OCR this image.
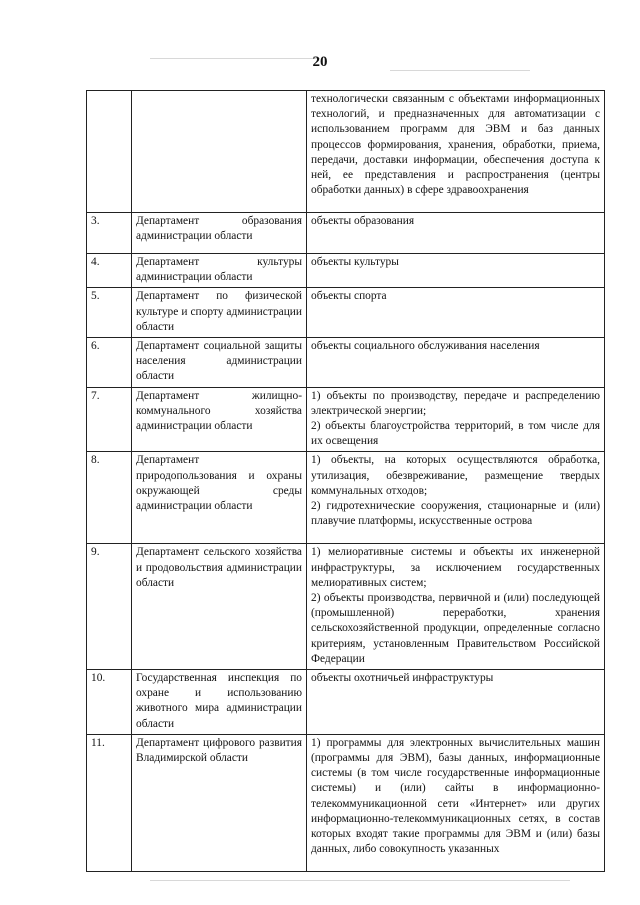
20

		технологически связанным с объектами информационных технологий, и предназначенных для автоматизации с использованием программ для ЭВМ и баз данных процессов формирования, хранения, обработки, приема, передачи, доставки информации, обеспечения доступа к ней, ее представления и распространения (центры обработки данных) в сфере здравоохранения

3.	Департамент образования администрации области	объекты образования

4.	Департамент культуры администрации области	объекты культуры

5.	Департамент по физической культуре и спорту администрации области	объекты спорта

6.	Департамент социальной защиты населения администрации области	объекты социального обслуживания населения

7.	Департамент жилищно-коммунального хозяйства администрации области	1) объекты по производству, передаче и распределению электрической энергии;
2) объекты благоустройства территорий, в том числе для их освещения

8.	Департамент природопользования и охраны окружающей среды администрации области	1) объекты, на которых осуществляются обработка, утилизация, обезвреживание, размещение твердых коммунальных отходов;
2) гидротехнические сооружения, стационарные и (или) плавучие платформы, искусственные острова

9.	Департамент сельского хозяйства и продовольствия администрации области	1) мелиоративные системы и объекты их инженерной инфраструктуры, за исключением государственных мелиоративных систем;
2) объекты производства, первичной и (или) последующей (промышленной) переработки, хранения сельскохозяйственной продукции, определенные согласно критериям, установленным Правительством Российской Федерации

10.	Государственная инспекция по охране и использованию животного мира администрации области	объекты охотничьей инфраструктуры

11.	Департамент цифрового развития Владимирской области	1) программы для электронных вычислительных машин (программы для ЭВМ), базы данных, информационные системы (в том числе государственные информационные системы) и (или) сайты в информационно-телекоммуникационной сети «Интернет» или других информационно-телекоммуникационных сетях, в состав которых входят такие программы для ЭВМ и (или) базы данных, либо совокупность указанных
